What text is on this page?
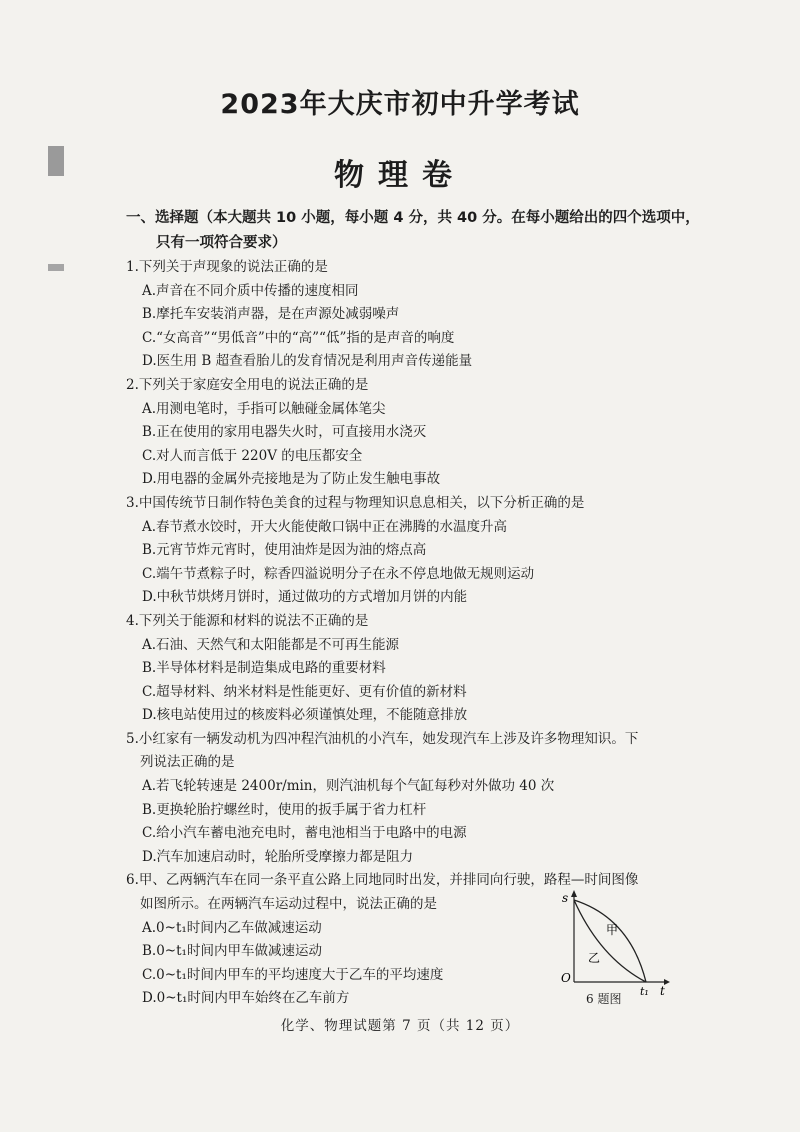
2023年大庆市初中升学考试
物理卷

一、选择题（本大题共 10 小题，每小题 4 分，共 40 分。在每小题给出的四个选项中，
只有一项符合要求）

1.下列关于声现象的说法正确的是
A.声音在不同介质中传播的速度相同
B.摩托车安装消声器，是在声源处减弱噪声
C.“女高音”“男低音”中的“高”“低”指的是声音的响度
D.医生用 B 超查看胎儿的发育情况是利用声音传递能量
2.下列关于家庭安全用电的说法正确的是
A.用测电笔时，手指可以触碰金属体笔尖
B.正在使用的家用电器失火时，可直接用水浇灭
C.对人而言低于 220V 的电压都安全
D.用电器的金属外壳接地是为了防止发生触电事故
3.中国传统节日制作特色美食的过程与物理知识息息相关，以下分析正确的是
A.春节煮水饺时，开大火能使敞口锅中正在沸腾的水温度升高
B.元宵节炸元宵时，使用油炸是因为油的熔点高
C.端午节煮粽子时，粽香四溢说明分子在永不停息地做无规则运动
D.中秋节烘烤月饼时，通过做功的方式增加月饼的内能
4.下列关于能源和材料的说法不正确的是
A.石油、天然气和太阳能都是不可再生能源
B.半导体材料是制造集成电路的重要材料
C.超导材料、纳米材料是性能更好、更有价值的新材料
D.核电站使用过的核废料必须谨慎处理，不能随意排放
5.小红家有一辆发动机为四冲程汽油机的小汽车，她发现汽车上涉及许多物理知识。下
列说法正确的是
A.若飞轮转速是 2400r/min，则汽油机每个气缸每秒对外做功 40 次
B.更换轮胎拧螺丝时，使用的扳手属于省力杠杆
C.给小汽车蓄电池充电时，蓄电池相当于电路中的电源
D.汽车加速启动时，轮胎所受摩擦力都是阻力
6.甲、乙两辆汽车在同一条平直公路上同地同时出发，并排同向行驶，路程—时间图像
如图所示。在两辆汽车运动过程中，说法正确的是
A.0~t₁时间内乙车做减速运动
B.0~t₁时间内甲车做减速运动
C.0~t₁时间内甲车的平均速度大于乙车的平均速度
D.0~t₁时间内甲车始终在乙车前方
s
O
t₁ t
甲
乙
6 题图

化学、物理试题第 7 页（共 12 页）
